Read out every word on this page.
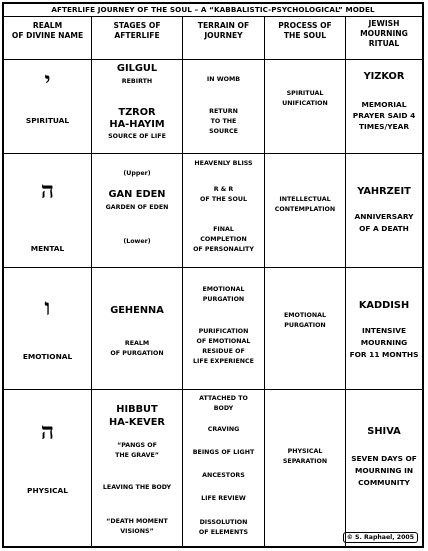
AFTERLIFE JOURNEY OF THE SOUL – A “KABBALISTIC-PSYCHOLOGICAL” MODEL
REALM
OF DIVINE NAME
STAGES OF
AFTERLIFE
TERRAIN OF
JOURNEY
PROCESS OF
THE SOUL
JEWISH
MOURNING
RITUAL
י
SPIRITUAL
GILGUL
REBIRTH
TZROR
HA-HAYIM
SOURCE OF LIFE
IN WOMB
RETURN
TO THE
SOURCE
SPIRITUAL
UNIFICATION
YIZKOR
MEMORIAL
PRAYER SAID 4
TIMES/YEAR
ה
MENTAL
(Upper)
GAN EDEN
GARDEN OF EDEN
(Lower)
HEAVENLY BLISS
R & R
OF THE SOUL
FINAL
COMPLETION
OF PERSONALITY
INTELLECTUAL
CONTEMPLATION
YAHRZEIT
ANNIVERSARY
OF A DEATH
ו
EMOTIONAL
GEHENNA
REALM
OF PURGATION
EMOTIONAL
PURGATION
PURIFICATION
OF EMOTIONAL
RESIDUE OF
LIFE EXPERIENCE
EMOTIONAL
PURGATION
KADDISH
INTENSIVE
MOURNING
FOR 11 MONTHS
ה
PHYSICAL
HIBBUT
HA-KEVER
“PANGS OF
THE GRAVE”
LEAVING THE BODY
“DEATH MOMENT
VISIONS”
ATTACHED TO BODY
CRAVING
BEINGS OF LIGHT
ANCESTORS
LIFE REVIEW
DISSOLUTION OF ELEMENTS
PHYSICAL
SEPARATION
SHIVA
SEVEN DAYS OF
MOURNING IN
COMMUNITY
© S. Raphael, 2005
